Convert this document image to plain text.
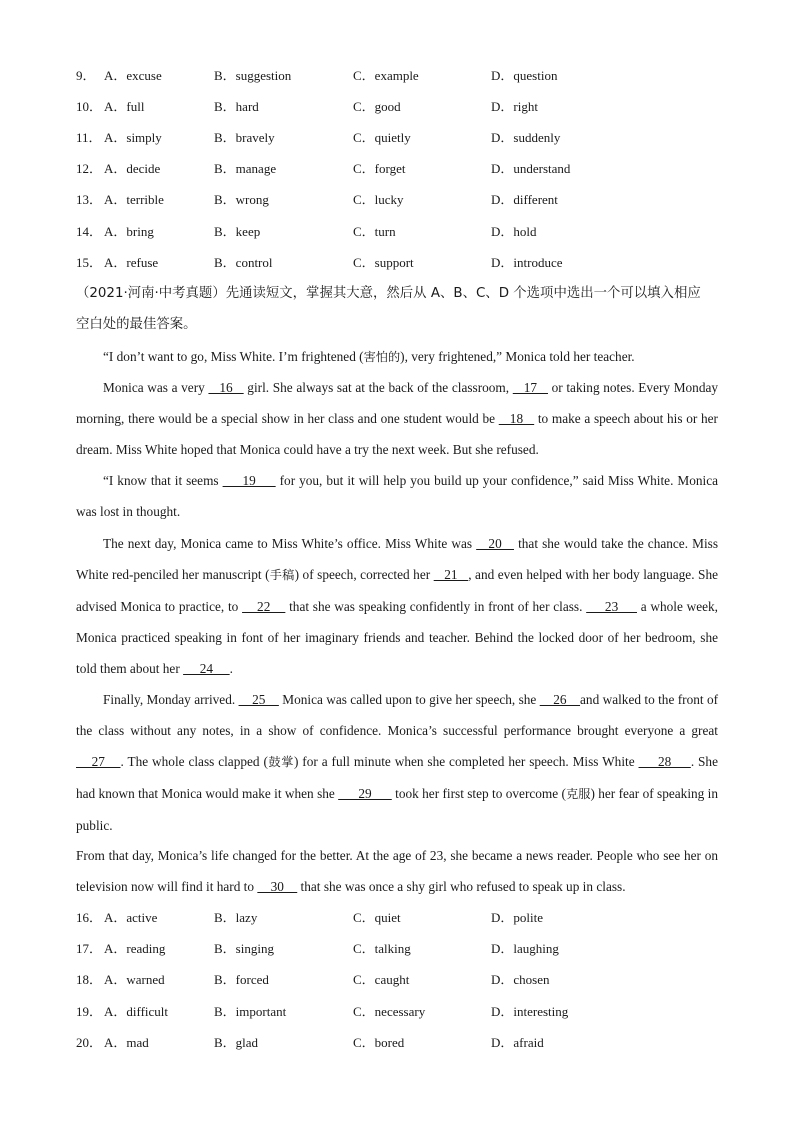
9． A．excuse	B．suggestion	C．example	D．question
10． A．full	B．hard	C．good	D．right
11． A．simply	B．bravely	C．quietly	D．suddenly
12． A．decide	B．manage	C．forget	D．understand
13． A．terrible	B．wrong	C．lucky	D．different
14． A．bring	B．keep	C．turn	D．hold
15． A．refuse	B．control	C．support	D．introduce
（2021·河南·中考真题）先通读短文，掌握其大意，然后从 A、B、C、D 个选项中选出一个可以填入相应
空白处的最佳答案。
“I don’t want to go, Miss White. I’m frightened (害怕的), very frightened,” Monica told her teacher.
Monica was a very    16    girl. She always sat at the back of the classroom,    17    or taking notes. Every Monday morning, there would be a special show in her class and one student would be    18    to make a speech about his or her dream. Miss White hoped that Monica could have a try the next week. But she refused.
“I know that it seems      19      for you, but it will help you build up your confidence,” said Miss White. Monica was lost in thought.
The next day, Monica came to Miss White’s office. Miss White was    20    that she would take the chance. Miss White red-penciled her manuscript (手稿) of speech, corrected her    21   , and even helped with her body language. She advised Monica to practice, to     22     that she was speaking confidently in front of her class.      23      a whole week, Monica practiced speaking in font of her imaginary friends and teacher. Behind the locked door of her bedroom, she told them about her      24     .
Finally, Monday arrived.     25     Monica was called upon to give her speech, she     26    and walked to the front of the class without any notes, in a show of confidence. Monica’s successful performance brought everyone a great     27    . The whole class clapped (鼓掌) for a full minute when she completed her speech. Miss White      28     . She had known that Monica would make it when she       29       took her first step to overcome (克服) her fear of speaking in public.
From that day, Monica’s life changed for the better. At the age of 23, she became a news reader. People who see her on television now will find it hard to     30     that she was once a shy girl who refused to speak up in class.
16． A．active	B．lazy	C．quiet	D．polite
17． A．reading	B．singing	C．talking	D．laughing
18． A．warned	B．forced	C．caught	D．chosen
19． A．difficult	B．important	C．necessary	D．interesting
20． A．mad	B．glad	C．bored	D．afraid
